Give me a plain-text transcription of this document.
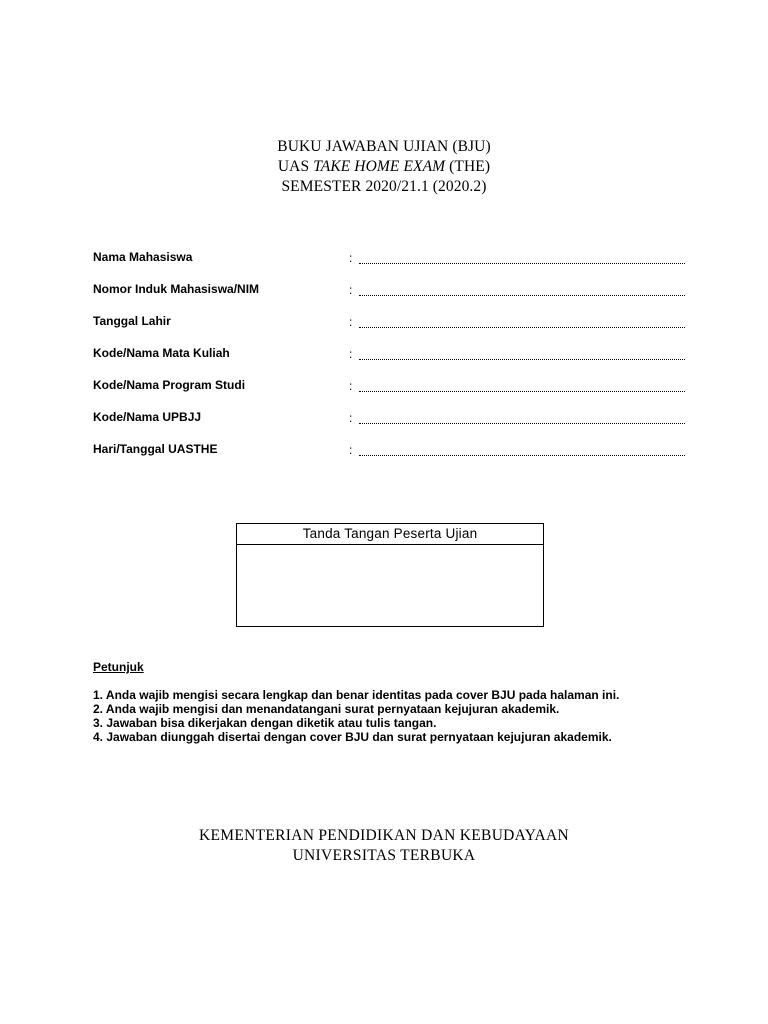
BUKU JAWABAN UJIAN (BJU)
UAS TAKE HOME EXAM (THE)
SEMESTER 2020/21.1 (2020.2)
Nama Mahasiswa	:
Nomor Induk Mahasiswa/NIM	:
Tanggal Lahir	:
Kode/Nama Mata Kuliah	:
Kode/Nama Program Studi	:
Kode/Nama UPBJJ	:
Hari/Tanggal UASTHE	:
Tanda Tangan Peserta Ujian
Petunjuk
1. Anda wajib mengisi secara lengkap dan benar identitas pada cover BJU pada halaman ini.
2. Anda wajib mengisi dan menandatangani surat pernyataan kejujuran akademik.
3. Jawaban bisa dikerjakan dengan diketik atau tulis tangan.
4. Jawaban diunggah disertai dengan cover BJU dan surat pernyataan kejujuran akademik.
KEMENTERIAN PENDIDIKAN DAN KEBUDAYAAN
UNIVERSITAS TERBUKA
